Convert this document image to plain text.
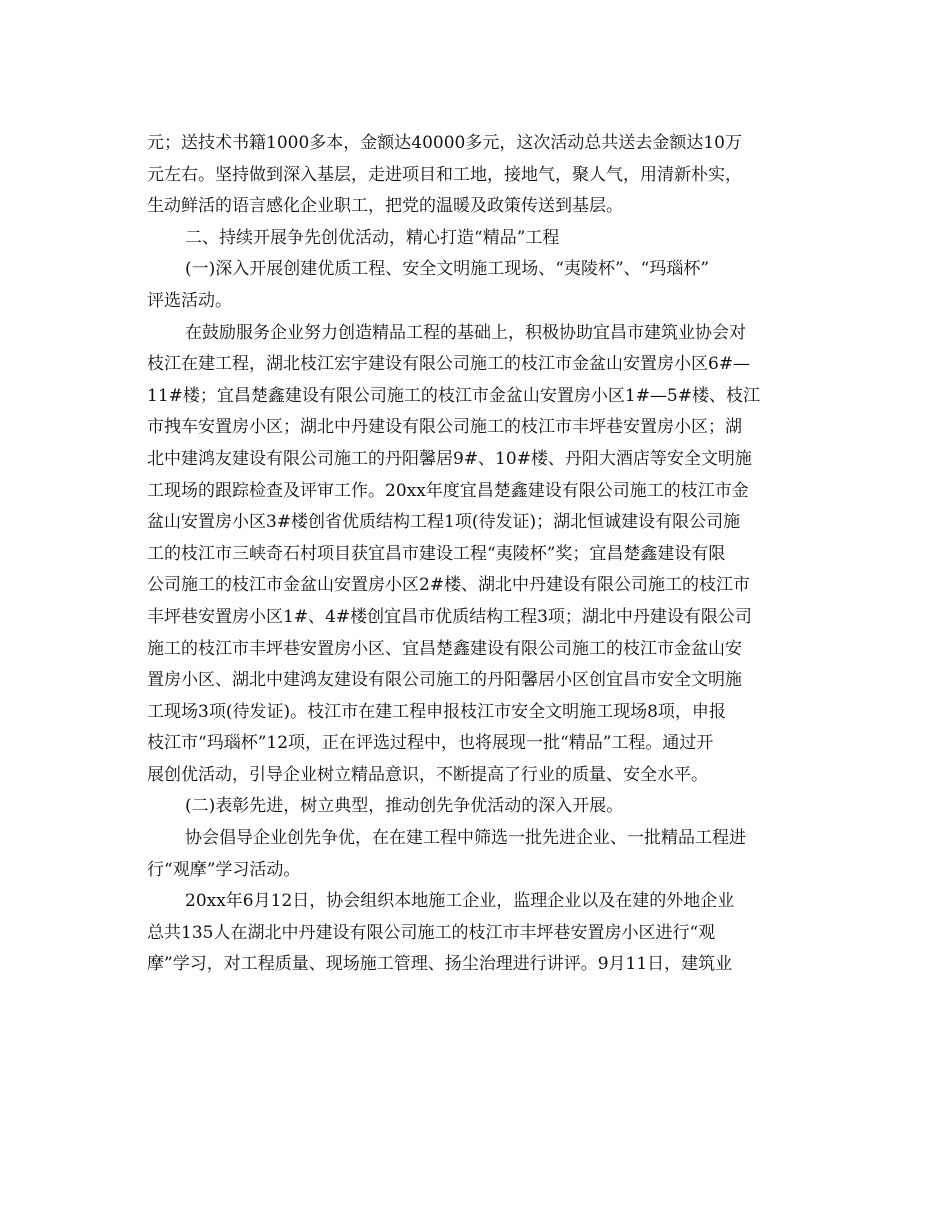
元；送技术书籍1000多本，金额达40000多元，这次活动总共送去金额达10万
元左右。坚持做到深入基层，走进项目和工地，接地气，聚人气，用清新朴实，
生动鲜活的语言感化企业职工，把党的温暖及政策传送到基层。
二、持续开展争先创优活动，精心打造“精品”工程
(一)深入开展创建优质工程、安全文明施工现场、“夷陵杯”、“玛瑙杯”
评选活动。
在鼓励服务企业努力创造精品工程的基础上，积极协助宜昌市建筑业协会对
枝江在建工程，湖北枝江宏宇建设有限公司施工的枝江市金盆山安置房小区6#—
11#楼；宜昌楚鑫建设有限公司施工的枝江市金盆山安置房小区1#—5#楼、枝江
市拽车安置房小区；湖北中丹建设有限公司施工的枝江市丰坪巷安置房小区；湖
北中建鸿友建设有限公司施工的丹阳馨居9#、10#楼、丹阳大酒店等安全文明施
工现场的跟踪检查及评审工作。20xx年度宜昌楚鑫建设有限公司施工的枝江市金
盆山安置房小区3#楼创省优质结构工程1项(待发证)；湖北恒诚建设有限公司施
工的枝江市三峡奇石村项目获宜昌市建设工程“夷陵杯”奖；宜昌楚鑫建设有限
公司施工的枝江市金盆山安置房小区2#楼、湖北中丹建设有限公司施工的枝江市
丰坪巷安置房小区1#、4#楼创宜昌市优质结构工程3项；湖北中丹建设有限公司
施工的枝江市丰坪巷安置房小区、宜昌楚鑫建设有限公司施工的枝江市金盆山安
置房小区、湖北中建鸿友建设有限公司施工的丹阳馨居小区创宜昌市安全文明施
工现场3项(待发证)。枝江市在建工程申报枝江市安全文明施工现场8项，申报
枝江市“玛瑙杯”12项，正在评选过程中，也将展现一批“精品”工程。通过开
展创优活动，引导企业树立精品意识，不断提高了行业的质量、安全水平。
(二)表彰先进，树立典型，推动创先争优活动的深入开展。
协会倡导企业创先争优，在在建工程中筛选一批先进企业、一批精品工程进
行“观摩”学习活动。
20xx年6月12日，协会组织本地施工企业，监理企业以及在建的外地企业
总共135人在湖北中丹建设有限公司施工的枝江市丰坪巷安置房小区进行“观
摩”学习，对工程质量、现场施工管理、扬尘治理进行讲评。9月11日，建筑业
